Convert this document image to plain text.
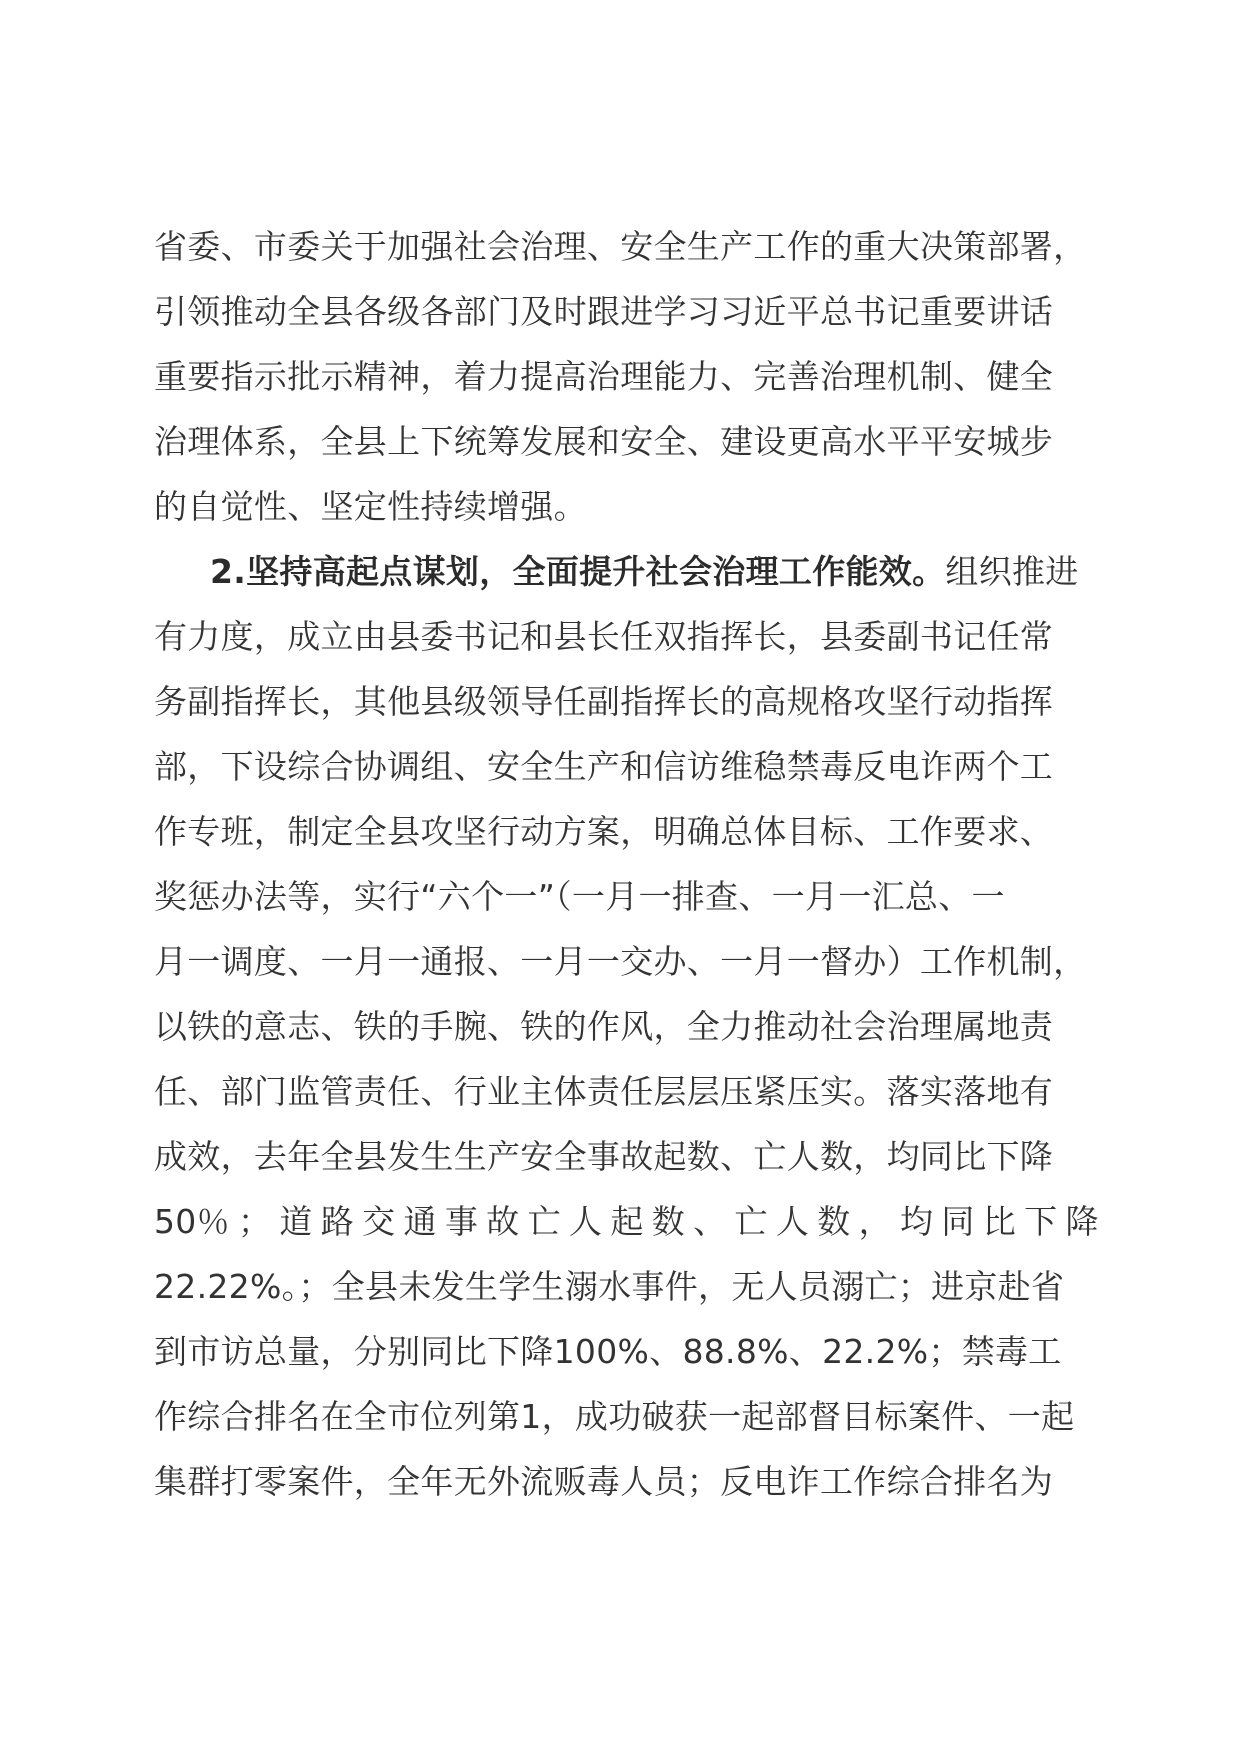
省委、市委关于加强社会治理、安全生产工作的重大决策部署，
引领推动全县各级各部门及时跟进学习习近平总书记重要讲话
重要指示批示精神，着力提高治理能力、完善治理机制、健全
治理体系，全县上下统筹发展和安全、建设更高水平平安城步
的自觉性、坚定性持续增强。
2.坚持高起点谋划，全面提升社会治理工作能效。组织推进
有力度，成立由县委书记和县长任双指挥长，县委副书记任常
务副指挥长，其他县级领导任副指挥长的高规格攻坚行动指挥
部，下设综合协调组、安全生产和信访维稳禁毒反电诈两个工
作专班，制定全县攻坚行动方案，明确总体目标、工作要求、
奖惩办法等，实行“六个一”（一月一排查、一月一汇总、一
月一调度、一月一通报、一月一交办、一月一督办）工作机制，
以铁的意志、铁的手腕、铁的作风，全力推动社会治理属地责
任、部门监管责任、行业主体责任层层压紧压实。落实落地有
成效，去年全县发生生产安全事故起数、亡人数，均同比下降
50％ ； 道 路 交 通 事 故 亡 人 起 数 、 亡 人 数 ， 均 同 比 下 降
22.22%。；全县未发生学生溺水事件，无人员溺亡；进京赴省
到市访总量，分别同比下降100%、88.8%、22.2%；禁毒工
作综合排名在全市位列第1，成功破获一起部督目标案件、一起
集群打零案件，全年无外流贩毒人员；反电诈工作综合排名为
